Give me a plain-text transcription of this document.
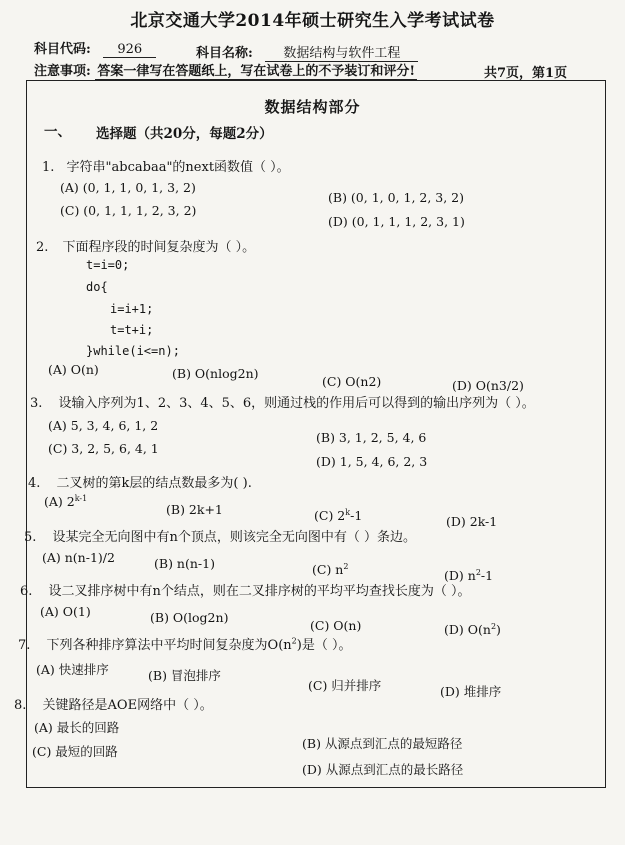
北京交通大学2014年硕士研究生入学考试试卷
科目代码: 926	科目名称: 数据结构与软件工程
共7页，第1页
注意事项: 答案一律写在答题纸上，写在试卷上的不予装订和评分!
数据结构部分
一、 选择题（共20分，每题2分）
1. 字符串"abcabaa"的next函数值（ ）。
(A) (0, 1, 1, 0, 1, 3, 2)
(B) (0, 1, 0, 1, 2, 3, 2)
(C) (0, 1, 1, 1, 2, 3, 2)
(D) (0, 1, 1, 1, 2, 3, 1)
2. 下面程序段的时间复杂度为（ ）。
t=i=0;
do{
i=i+1;
t=t+i;
}while(i<=n);
(A) O(n)	(B) O(nlog2n)
(C) O(n2)	(D) O(n3/2)
3. 设输入序列为1、2、3、4、5、6，则通过栈的作用后可以得到的输出序列为（ ）。
(A) 5, 3, 4, 6, 1, 2
(B) 3, 1, 2, 5, 4, 6
(C) 3, 2, 5, 6, 4, 1
(D) 1, 5, 4, 6, 2, 3
4. 二叉树的第k层的结点数最多为( ).
(A) 2$^{k-1}$
(B) 2k+1	(C) 2$^k$-1	(D) 2k-1
5. 设某完全无向图中有n个顶点，则该完全无向图中有（ ）条边。
(A) n(n-1)/2	(B) n(n-1)	(C) $n^2$
(D) $n^2-1$
6. 设二叉排序树中有n个结点，则在二叉排序树的平均平均查找长度为（ ）。
(A) O(1)	(B) O(log2n)
(C) O(n)	(D) $O(n^2)$
7. 下列各种排序算法中平均时间复杂度为$O(n^2)$是（ ）。
(A) 快速排序	(B) 冒泡排序
(C) 归并排序	(D) 堆排序
8. 关键路径是AOE网络中（ ）。
(A) 最长的回路
(B) 从源点到汇点的最短路径
(C) 最短的回路
(D) 从源点到汇点的最长路径
